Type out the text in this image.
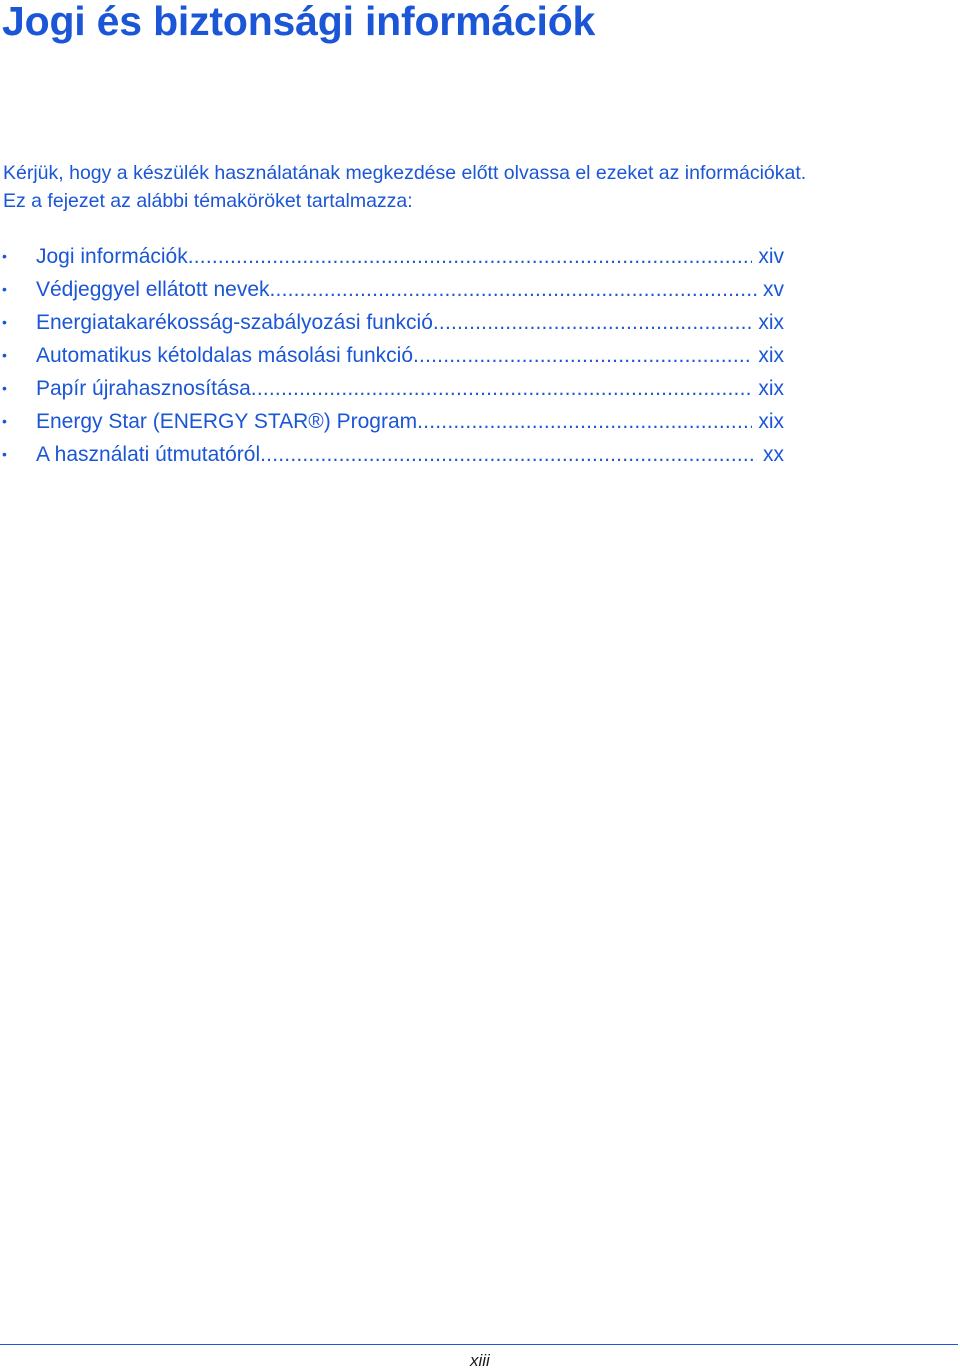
Jogi és biztonsági információk

Kérjük, hogy a készülék használatának megkezdése előtt olvassa el ezeket az információkat.

Ez a fejezet az alábbi témaköröket tartalmazza:

• Jogi információk .....	xiv
• Védjeggyel ellátott nevek .....	xv
• Energiatakarékosság-szabályozási funkció .....	xix
• Automatikus kétoldalas másolási funkció .....	xix
• Papír újrahasznosítása .....	xix
• Energy Star (ENERGY STAR®) Program .....	xix
• A használati útmutatóról .....	xx
xiii
